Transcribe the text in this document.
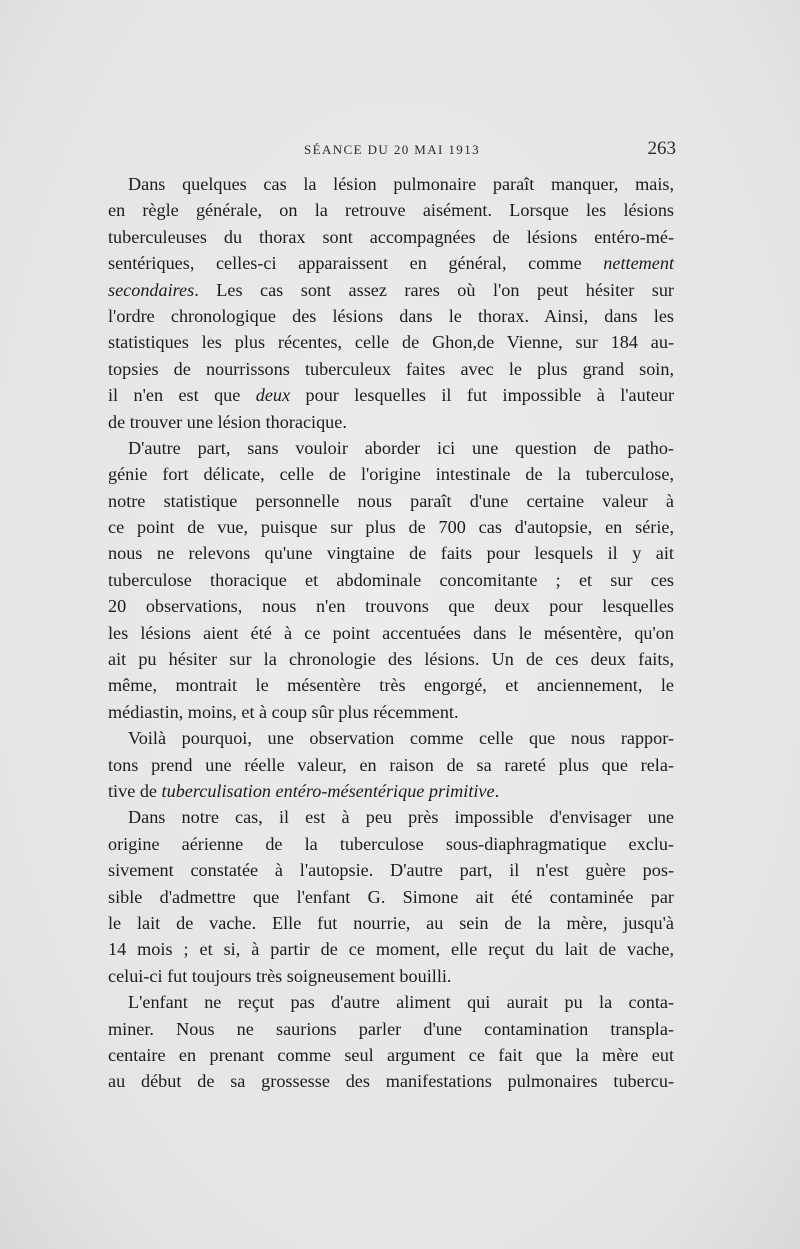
SÉANCE DU 20 MAI 1913	263
Dans quelques cas la lésion pulmonaire paraît manquer, mais,
en règle générale, on la retrouve aisément. Lorsque les lésions
tuberculeuses du thorax sont accompagnées de lésions entéro-mé-
sentériques, celles-ci apparaissent en général, comme nettement
secondaires. Les cas sont assez rares où l'on peut hésiter sur
l'ordre chronologique des lésions dans le thorax. Ainsi, dans les
statistiques les plus récentes, celle de Ghon,de Vienne, sur 184 au-
topsies de nourrissons tuberculeux faites avec le plus grand soin,
il n'en est que deux pour lesquelles il fut impossible à l'auteur
de trouver une lésion thoracique.
D'autre part, sans vouloir aborder ici une question de patho-
génie fort délicate, celle de l'origine intestinale de la tuberculose,
notre statistique personnelle nous paraît d'une certaine valeur à
ce point de vue, puisque sur plus de 700 cas d'autopsie, en série,
nous ne relevons qu'une vingtaine de faits pour lesquels il y ait
tuberculose thoracique et abdominale concomitante ; et sur ces
20 observations, nous n'en trouvons que deux pour lesquelles
les lésions aient été à ce point accentuées dans le mésentère, qu'on
ait pu hésiter sur la chronologie des lésions. Un de ces deux faits,
même, montrait le mésentère très engorgé, et anciennement, le
médiastin, moins, et à coup sûr plus récemment.
Voilà pourquoi, une observation comme celle que nous rappor-
tons prend une réelle valeur, en raison de sa rareté plus que rela-
tive de tuberculisation entéro-mésentérique primitive.
Dans notre cas, il est à peu près impossible d'envisager une
origine aérienne de la tuberculose sous-diaphragmatique exclu-
sivement constatée à l'autopsie. D'autre part, il n'est guère pos-
sible d'admettre que l'enfant G. Simone ait été contaminée par
le lait de vache. Elle fut nourrie, au sein de la mère, jusqu'à
14 mois ; et si, à partir de ce moment, elle reçut du lait de vache,
celui-ci fut toujours très soigneusement bouilli.
L'enfant ne reçut pas d'autre aliment qui aurait pu la conta-
miner. Nous ne saurions parler d'une contamination transpla-
centaire en prenant comme seul argument ce fait que la mère eut
au début de sa grossesse des manifestations pulmonaires tubercu-
